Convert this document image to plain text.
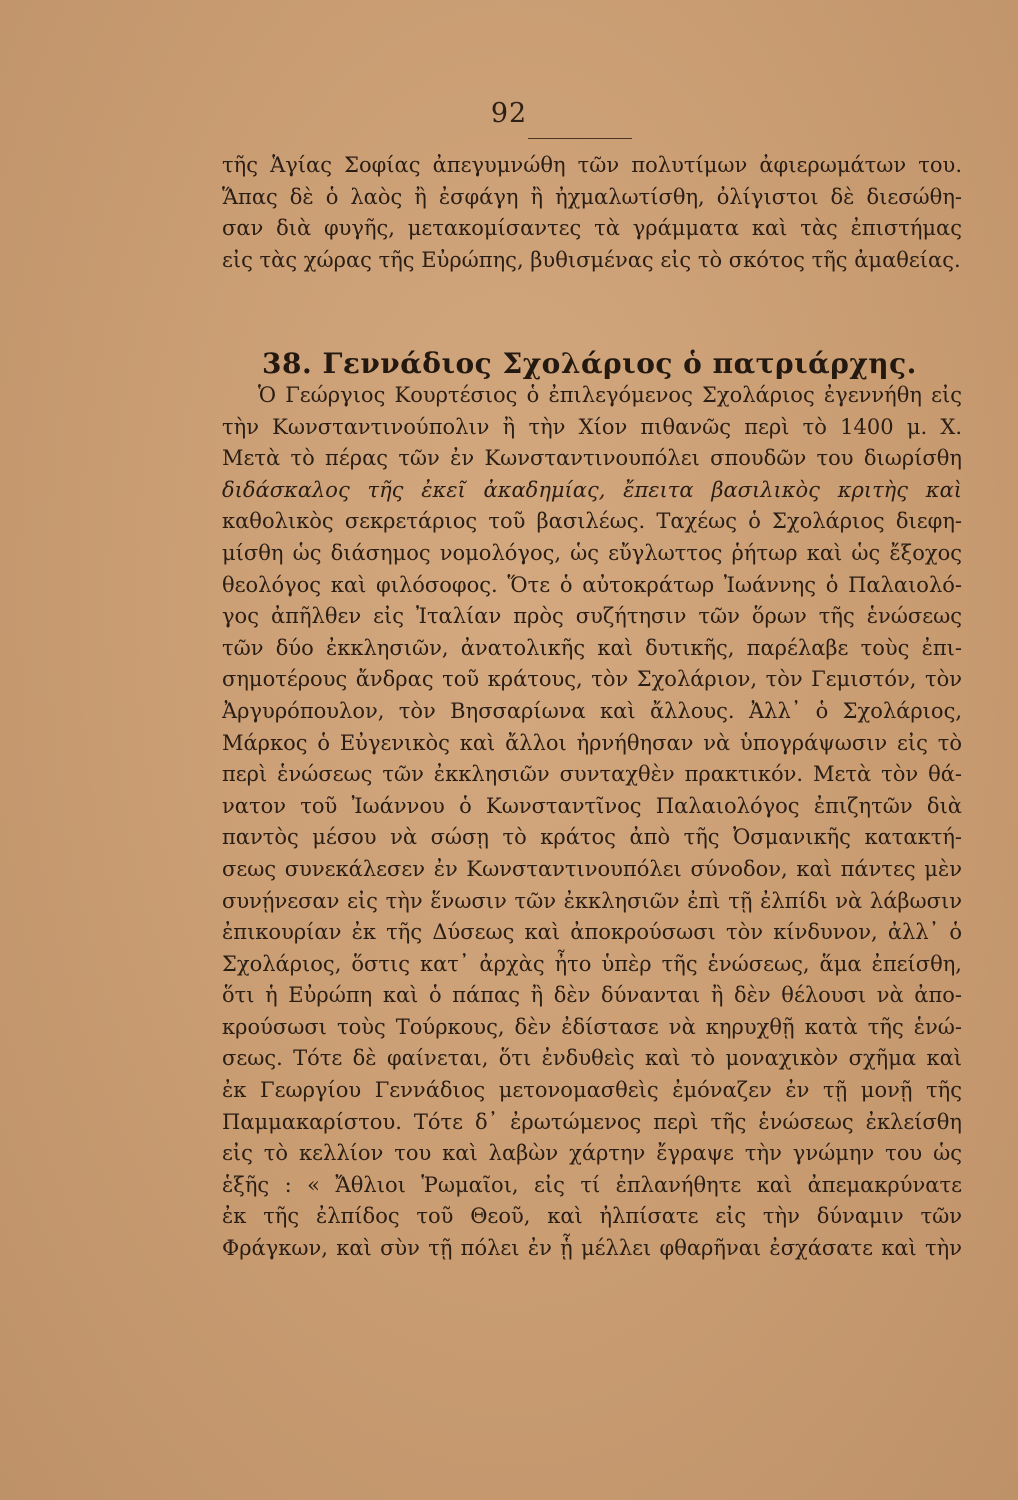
92
τῆς Ἁγίας Σοφίας ἀπεγυμνώθη τῶν πολυτίμων ἀφιερωμάτων του.
Ἅπας δὲ ὁ λαὸς ἢ ἐσφάγη ἢ ἠχμαλωτίσθη, ὀλίγιστοι δὲ διεσώθη-
σαν διὰ φυγῆς, μετακομίσαντες τὰ γράμματα καὶ τὰς ἐπιστήμας
εἰς τὰς χώρας τῆς Εὐρώπης, βυθισμένας εἰς τὸ σκότος τῆς ἀμαθείας.
38. Γεννάδιος Σχολάριος ὁ πατριάρχης.
Ὁ Γεώργιος Κουρτέσιος ὁ ἐπιλεγόμενος Σχολάριος ἐγεννήθη εἰς
τὴν Κωνσταντινούπολιν ἢ τὴν Χίον πιθανῶς περὶ τὸ 1400 μ. Χ.
Μετὰ τὸ πέρας τῶν ἐν Κωνσταντινουπόλει σπουδῶν του διωρίσθη
διδάσκαλος τῆς ἐκεῖ ἀκαδημίας, ἔπειτα βασιλικὸς κριτὴς καὶ
καθολικὸς σεκρετάριος τοῦ βασιλέως. Ταχέως ὁ Σχολάριος διεφη-
μίσθη ὡς διάσημος νομολόγος, ὡς εὔγλωττος ῥήτωρ καὶ ὡς ἔξοχος
θεολόγος καὶ φιλόσοφος. Ὅτε ὁ αὐτοκράτωρ Ἰωάννης ὁ Παλαιολό-
γος ἀπῆλθεν εἰς Ἰταλίαν πρὸς συζήτησιν τῶν ὅρων τῆς ἑνώσεως
τῶν δύο ἐκκλησιῶν, ἀνατολικῆς καὶ δυτικῆς, παρέλαβε τοὺς ἐπι-
σημοτέρους ἄνδρας τοῦ κράτους, τὸν Σχολάριον, τὸν Γεμιστόν, τὸν
Ἀργυρόπουλον, τὸν Βησσαρίωνα καὶ ἄλλους. Ἀλλ᾽ ὁ Σχολάριος,
Μάρκος ὁ Εὐγενικὸς καὶ ἄλλοι ἠρνήθησαν νὰ ὑπογράψωσιν εἰς τὸ
περὶ ἑνώσεως τῶν ἐκκλησιῶν συνταχθὲν πρακτικόν. Μετὰ τὸν θά-
νατον τοῦ Ἰωάννου ὁ Κωνσταντῖνος Παλαιολόγος ἐπιζητῶν διὰ
παντὸς μέσου νὰ σώσῃ τὸ κράτος ἀπὸ τῆς Ὀσμανικῆς κατακτή-
σεως συνεκάλεσεν ἐν Κωνσταντινουπόλει σύνοδον, καὶ πάντες μὲν
συνῄνεσαν εἰς τὴν ἕνωσιν τῶν ἐκκλησιῶν ἐπὶ τῇ ἐλπίδι νὰ λάβωσιν
ἐπικουρίαν ἐκ τῆς Δύσεως καὶ ἀποκρούσωσι τὸν κίνδυνον, ἀλλ᾽ ὁ
Σχολάριος, ὅστις κατ᾽ ἀρχὰς ἦτο ὑπὲρ τῆς ἑνώσεως, ἅμα ἐπείσθη,
ὅτι ἡ Εὐρώπη καὶ ὁ πάπας ἢ δὲν δύνανται ἢ δὲν θέλουσι νὰ ἀπο-
κρούσωσι τοὺς Τούρκους, δὲν ἐδίστασε νὰ κηρυχθῇ κατὰ τῆς ἑνώ-
σεως. Τότε δὲ φαίνεται, ὅτι ἐνδυθεὶς καὶ τὸ μοναχικὸν σχῆμα καὶ
ἐκ Γεωργίου Γεννάδιος μετονομασθεὶς ἐμόναζεν ἐν τῇ μονῇ τῆς
Παμμακαρίστου. Τότε δ᾽ ἐρωτώμενος περὶ τῆς ἑνώσεως ἐκλείσθη
εἰς τὸ κελλίον του καὶ λαβὼν χάρτην ἔγραψε τὴν γνώμην του ὡς
ἑξῆς : « Ἄθλιοι Ῥωμαῖοι, εἰς τί ἐπλανήθητε καὶ ἀπεμακρύνατε
ἐκ τῆς ἐλπίδος τοῦ Θεοῦ, καὶ ἠλπίσατε εἰς τὴν δύναμιν τῶν
Φράγκων, καὶ σὺν τῇ πόλει ἐν ᾗ μέλλει φθαρῆναι ἐσχάσατε καὶ τὴν
